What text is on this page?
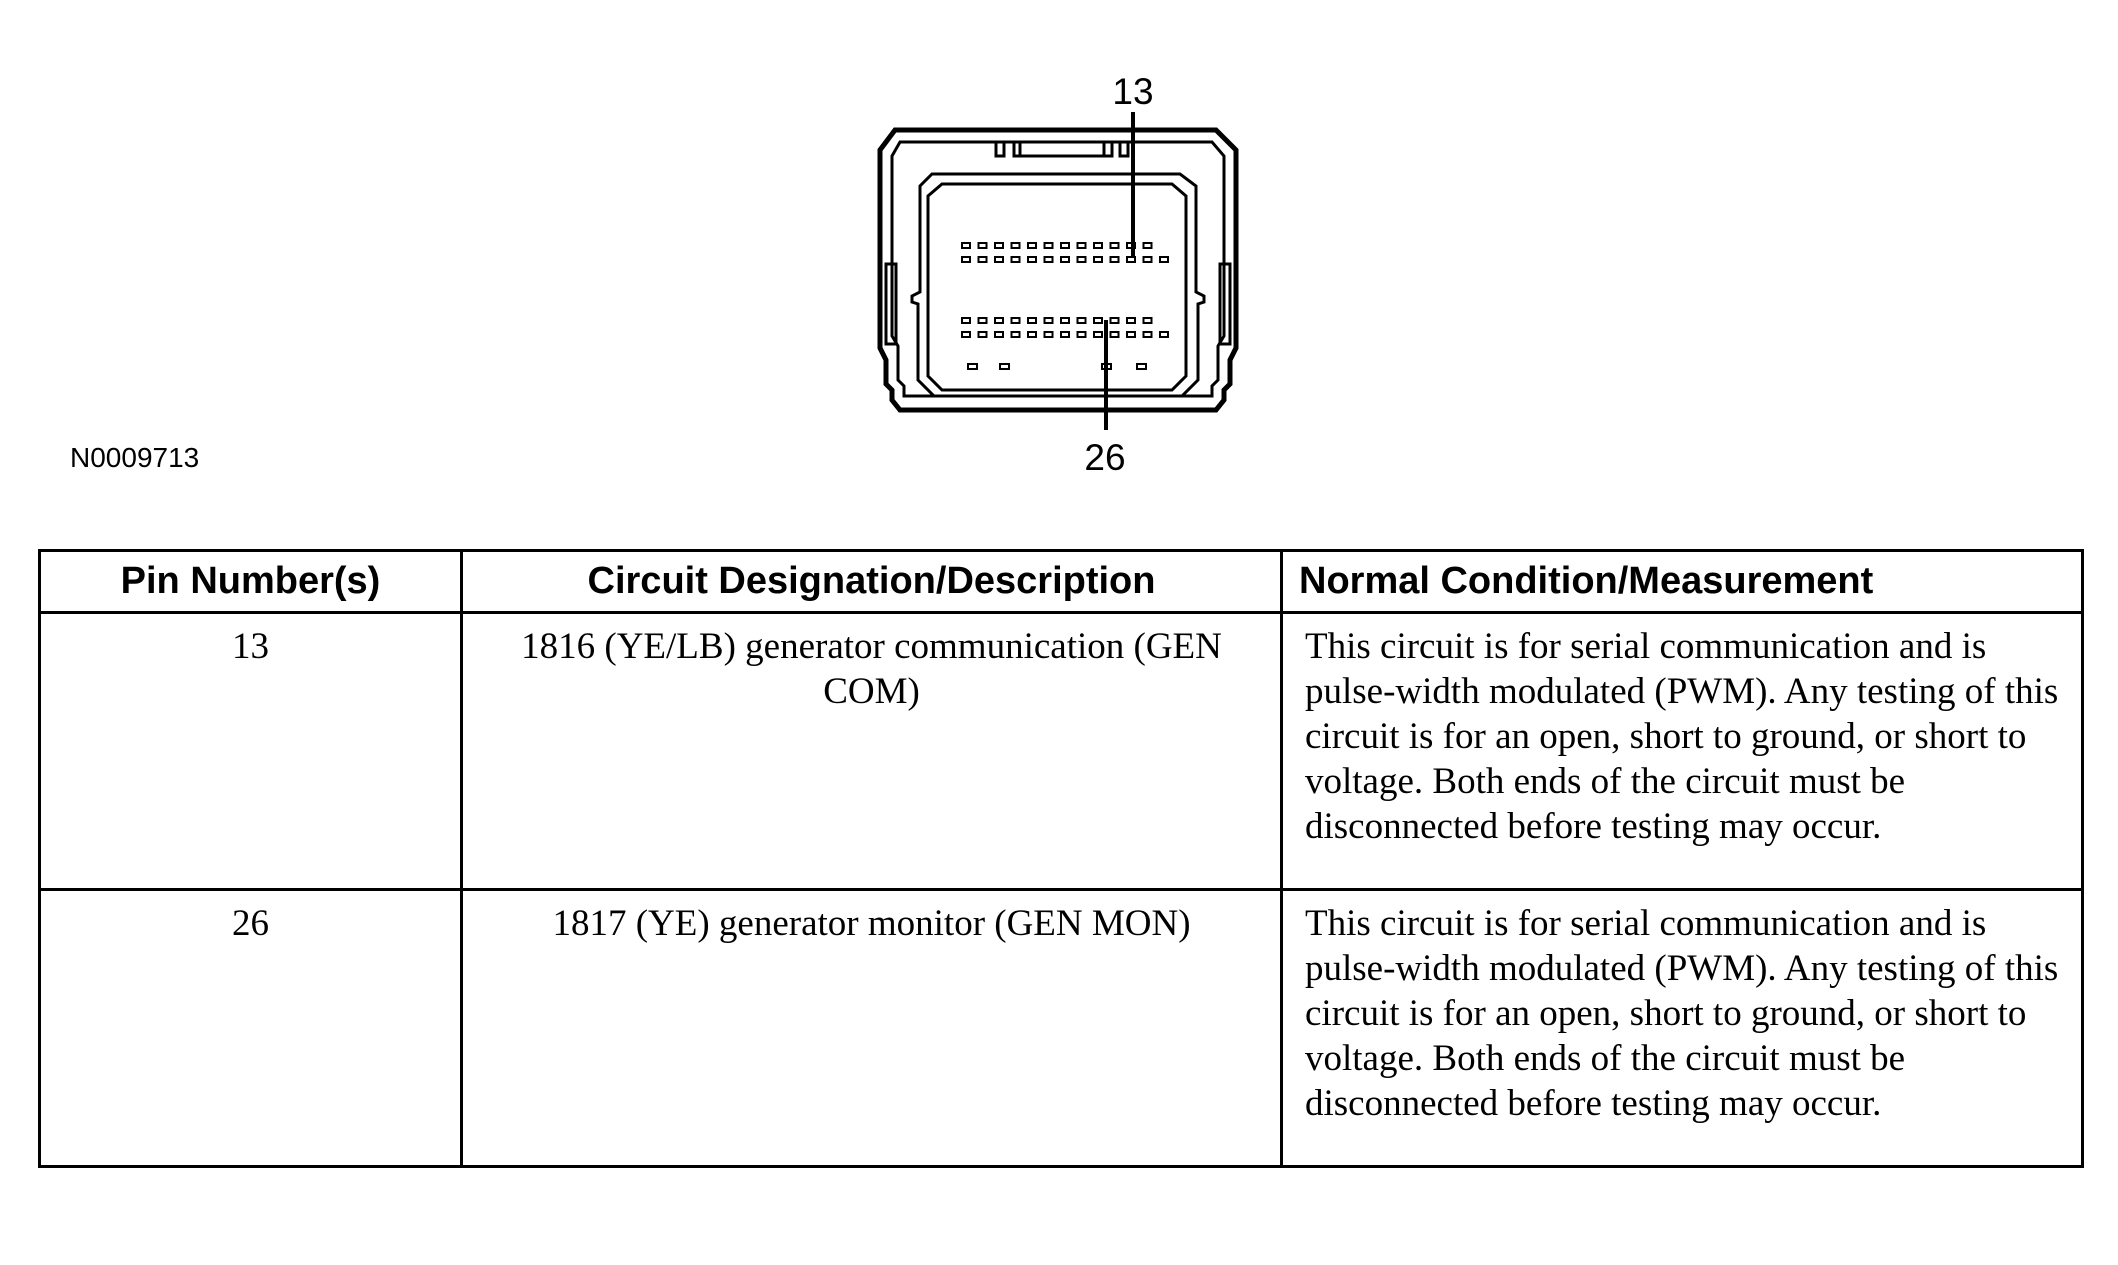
13
26
N0009713
Pin Number(s)	Circuit Designation/Description	Normal Condition/Measurement
13	1816 (YE/LB) generator communication (GEN COM)	This circuit is for serial communication and is pulse-width modulated (PWM). Any testing of this circuit is for an open, short to ground, or short to voltage. Both ends of the circuit must be disconnected before testing may occur.
26	1817 (YE) generator monitor (GEN MON)	This circuit is for serial communication and is pulse-width modulated (PWM). Any testing of this circuit is for an open, short to ground, or short to voltage. Both ends of the circuit must be disconnected before testing may occur.
